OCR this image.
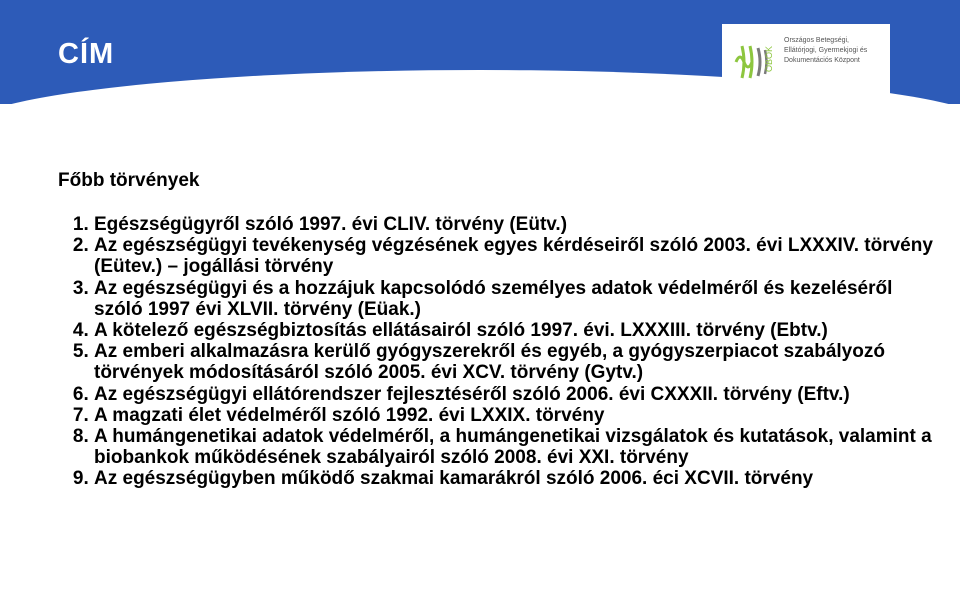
CÍM	OBOK
Országos Betegségi,
Ellátórjogi, Gyermekjogi és
Dokumentációs Központ
Főbb törvények
1. Egészségügyről szóló 1997. évi CLIV. törvény (Eütv.)
2. Az egészségügyi tevékenység végzésének egyes kérdéseiről szóló 2003. évi LXXXIV. törvény (Eütev.) – jogállási törvény
3. Az egészségügyi és a hozzájuk kapcsolódó személyes adatok védelméről és kezeléséről szóló 1997 évi XLVII. törvény (Eüak.)
4. A kötelező egészségbiztosítás ellátásairól szóló 1997. évi. LXXXIII. törvény (Ebtv.)
5. Az emberi alkalmazásra kerülő gyógyszerekről és egyéb, a gyógyszerpiacot szabályozó törvények módosításáról szóló 2005. évi XCV. törvény (Gytv.)
6. Az egészségügyi ellátórendszer fejlesztéséről szóló 2006. évi CXXXII. törvény (Eftv.)
7. A magzati élet védelméről szóló 1992. évi LXXIX. törvény
8. A humángenetikai adatok védelméről, a humángenetikai vizsgálatok és kutatások, valamint a biobankok működésének szabályairól szóló 2008. évi XXI. törvény
9. Az egészségügyben működő szakmai kamarákról szóló 2006. éci XCVII. törvény
